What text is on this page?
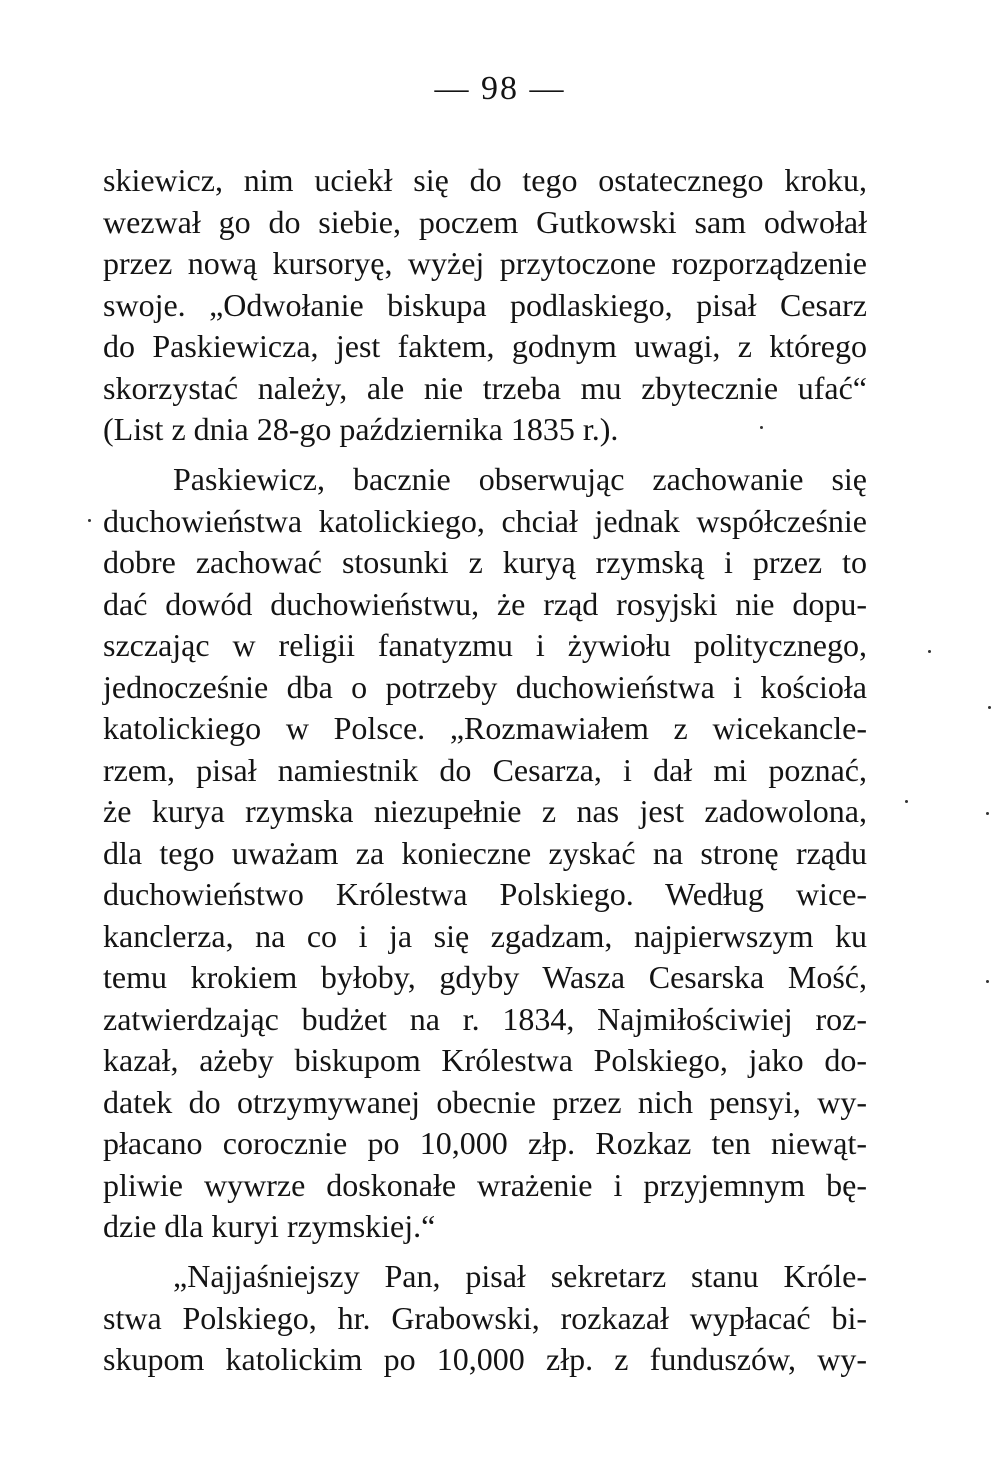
— 98 —
skiewicz, nim uciekł się do tego ostatecznego kroku,
wezwał go do siebie, poczem Gutkowski sam odwołał
przez nową kursoryę, wyżej przytoczone rozporządzenie
swoje. „Odwołanie biskupa podlaskiego, pisał Cesarz
do Paskiewicza, jest faktem, godnym uwagi, z którego
skorzystać należy, ale nie trzeba mu zbytecznie ufać“
(List z dnia 28-go października 1835 r.).
Paskiewicz, bacznie obserwując zachowanie się
duchowieństwa katolickiego, chciał jednak współcześnie
dobre zachować stosunki z kuryą rzymską i przez to
dać dowód duchowieństwu, że rząd rosyjski nie dopu-
szczając w religii fanatyzmu i żywiołu politycznego,
jednocześnie dba o potrzeby duchowieństwa i kościoła
katolickiego w Polsce. „Rozmawiałem z wicekancle-
rzem, pisał namiestnik do Cesarza, i dał mi poznać,
że kurya rzymska niezupełnie z nas jest zadowolona,
dla tego uważam za konieczne zyskać na stronę rządu
duchowieństwo Królestwa Polskiego. Według wice-
kanclerza, na co i ja się zgadzam, najpierwszym ku
temu krokiem byłoby, gdyby Wasza Cesarska Mość,
zatwierdzając budżet na r. 1834, Najmiłościwiej roz-
kazał, ażeby biskupom Królestwa Polskiego, jako do-
datek do otrzymywanej obecnie przez nich pensyi, wy-
płacano corocznie po 10,000 złp. Rozkaz ten niewąt-
pliwie wywrze doskonałe wrażenie i przyjemnym bę-
dzie dla kuryi rzymskiej.“
„Najjaśniejszy Pan, pisał sekretarz stanu Króle-
stwa Polskiego, hr. Grabowski, rozkazał wypłacać bi-
skupom katolickim po 10,000 złp. z funduszów, wy-
